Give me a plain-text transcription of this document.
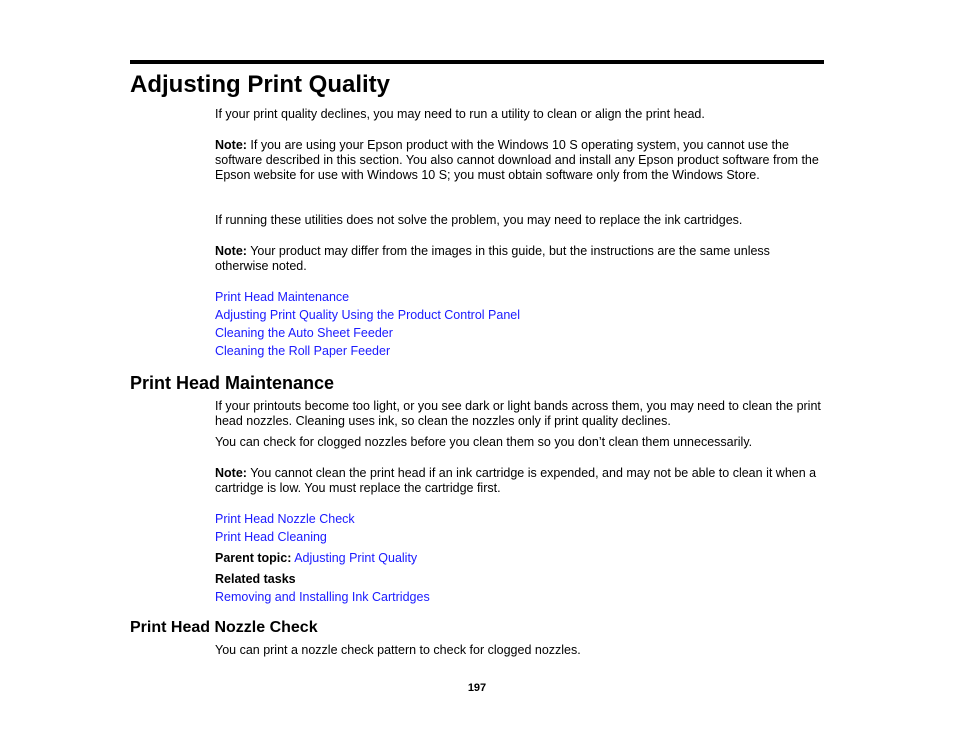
Adjusting Print Quality

If your print quality declines, you may need to run a utility to clean or align the print head.

Note: If you are using your Epson product with the Windows 10 S operating system, you cannot use the software described in this section. You also cannot download and install any Epson product software from the Epson website for use with Windows 10 S; you must obtain software only from the Windows Store.

If running these utilities does not solve the problem, you may need to replace the ink cartridges.

Note: Your product may differ from the images in this guide, but the instructions are the same unless otherwise noted.

Print Head Maintenance

Adjusting Print Quality Using the Product Control Panel

Cleaning the Auto Sheet Feeder

Cleaning the Roll Paper Feeder

Print Head Maintenance

If your printouts become too light, or you see dark or light bands across them, you may need to clean the print head nozzles. Cleaning uses ink, so clean the nozzles only if print quality declines.

You can check for clogged nozzles before you clean them so you don’t clean them unnecessarily.

Note: You cannot clean the print head if an ink cartridge is expended, and may not be able to clean it when a cartridge is low. You must replace the cartridge first.

Print Head Nozzle Check

Print Head Cleaning

Parent topic: Adjusting Print Quality

Related tasks

Removing and Installing Ink Cartridges

Print Head Nozzle Check

You can print a nozzle check pattern to check for clogged nozzles.

197
